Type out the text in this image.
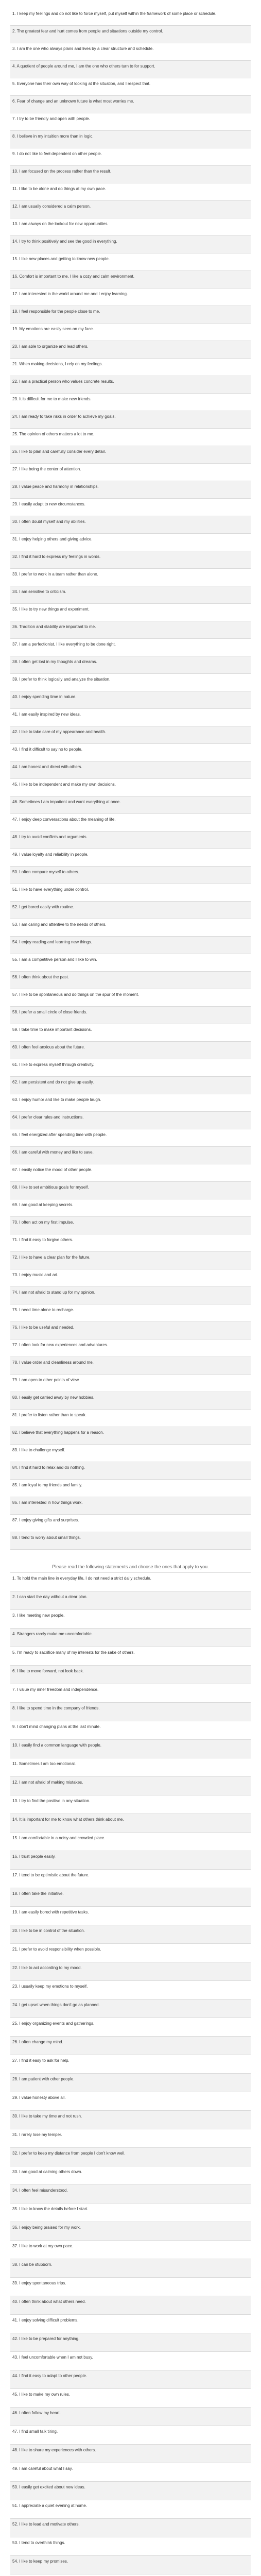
1. I keep my feelings and do not like to force myself, put myself within the framework of some place or schedule.
2. The greatest fear and hurt comes from people and situations outside my control.
3. I am the one who always plans and lives by a clear structure and schedule.
4. A quotient of people around me, I am the one who others turn to for support.
5. Everyone has their own way of looking at the situation, and I respect that.
6. Fear of change and an unknown future is what most worries me.
7. I try to be friendly and open with people.
8. I believe in my intuition more than in logic.
9. I do not like to feel dependent on other people.
10. I am focused on the process rather than the result.
11. I like to be alone and do things at my own pace.
12. I am usually considered a calm person.
13. I am always on the lookout for new opportunities.
14. I try to think positively and see the good in everything.
15. I like new places and getting to know new people.
16. Comfort is important to me, I like a cozy and calm environment.
17. I am interested in the world around me and I enjoy learning.
18. I feel responsible for the people close to me.
19. My emotions are easily seen on my face.
20. I am able to organize and lead others.
21. When making decisions, I rely on my feelings.
22. I am a practical person who values concrete results.
23. It is difficult for me to make new friends.
24. I am ready to take risks in order to achieve my goals.
25. The opinion of others matters a lot to me.
26. I like to plan and carefully consider every detail.
27. I like being the center of attention.
28. I value peace and harmony in relationships.
29. I easily adapt to new circumstances.
30. I often doubt myself and my abilities.
31. I enjoy helping others and giving advice.
32. I find it hard to express my feelings in words.
33. I prefer to work in a team rather than alone.
34. I am sensitive to criticism.
35. I like to try new things and experiment.
36. Tradition and stability are important to me.
37. I am a perfectionist, I like everything to be done right.
38. I often get lost in my thoughts and dreams.
39. I prefer to think logically and analyze the situation.
40. I enjoy spending time in nature.
41. I am easily inspired by new ideas.
42. I like to take care of my appearance and health.
43. I find it difficult to say no to people.
44. I am honest and direct with others.
45. I like to be independent and make my own decisions.
46. Sometimes I am impatient and want everything at once.
47. I enjoy deep conversations about the meaning of life.
48. I try to avoid conflicts and arguments.
49. I value loyalty and reliability in people.
50. I often compare myself to others.
51. I like to have everything under control.
52. I get bored easily with routine.
53. I am caring and attentive to the needs of others.
54. I enjoy reading and learning new things.
55. I am a competitive person and I like to win.
56. I often think about the past.
57. I like to be spontaneous and do things on the spur of the moment.
58. I prefer a small circle of close friends.
59. I take time to make important decisions.
60. I often feel anxious about the future.
61. I like to express myself through creativity.
62. I am persistent and do not give up easily.
63. I enjoy humor and like to make people laugh.
64. I prefer clear rules and instructions.
65. I feel energized after spending time with people.
66. I am careful with money and like to save.
67. I easily notice the mood of other people.
68. I like to set ambitious goals for myself.
69. I am good at keeping secrets.
70. I often act on my first impulse.
71. I find it easy to forgive others.
72. I like to have a clear plan for the future.
73. I enjoy music and art.
74. I am not afraid to stand up for my opinion.
75. I need time alone to recharge.
76. I like to be useful and needed.
77. I often look for new experiences and adventures.
78. I value order and cleanliness around me.
79. I am open to other points of view.
80. I easily get carried away by new hobbies.
81. I prefer to listen rather than to speak.
82. I believe that everything happens for a reason.
83. I like to challenge myself.
84. I find it hard to relax and do nothing.
85. I am loyal to my friends and family.
86. I am interested in how things work.
87. I enjoy giving gifts and surprises.
88. I tend to worry about small things.
Please read the following statements and choose the ones that apply to you.
1. To hold the main line in everyday life, I do not need a strict daily schedule.
2. I can start the day without a clear plan.
3. I like meeting new people.
4. Strangers rarely make me uncomfortable.
5. I'm ready to sacrifice many of my interests for the sake of others.
6. I like to move forward, not look back.
7. I value my inner freedom and independence.
8. I like to spend time in the company of friends.
9. I don't mind changing plans at the last minute.
10. I easily find a common language with people.
11. Sometimes I am too emotional.
12. I am not afraid of making mistakes.
13. I try to find the positive in any situation.
14. It is important for me to know what others think about me.
15. I am comfortable in a noisy and crowded place.
16. I trust people easily.
17. I tend to be optimistic about the future.
18. I often take the initiative.
19. I am easily bored with repetitive tasks.
20. I like to be in control of the situation.
21. I prefer to avoid responsibility when possible.
22. I like to act according to my mood.
23. I usually keep my emotions to myself.
24. I get upset when things don't go as planned.
25. I enjoy organizing events and gatherings.
26. I often change my mind.
27. I find it easy to ask for help.
28. I am patient with other people.
29. I value honesty above all.
30. I like to take my time and not rush.
31. I rarely lose my temper.
32. I prefer to keep my distance from people I don't know well.
33. I am good at calming others down.
34. I often feel misunderstood.
35. I like to know the details before I start.
36. I enjoy being praised for my work.
37. I like to work at my own pace.
38. I can be stubborn.
39. I enjoy spontaneous trips.
40. I often think about what others need.
41. I enjoy solving difficult problems.
42. I like to be prepared for anything.
43. I feel uncomfortable when I am not busy.
44. I find it easy to adapt to other people.
45. I like to make my own rules.
46. I often follow my heart.
47. I find small talk tiring.
48. I like to share my experiences with others.
49. I am careful about what I say.
50. I easily get excited about new ideas.
51. I appreciate a quiet evening at home.
52. I like to lead and motivate others.
53. I tend to overthink things.
54. I like to keep my promises.
